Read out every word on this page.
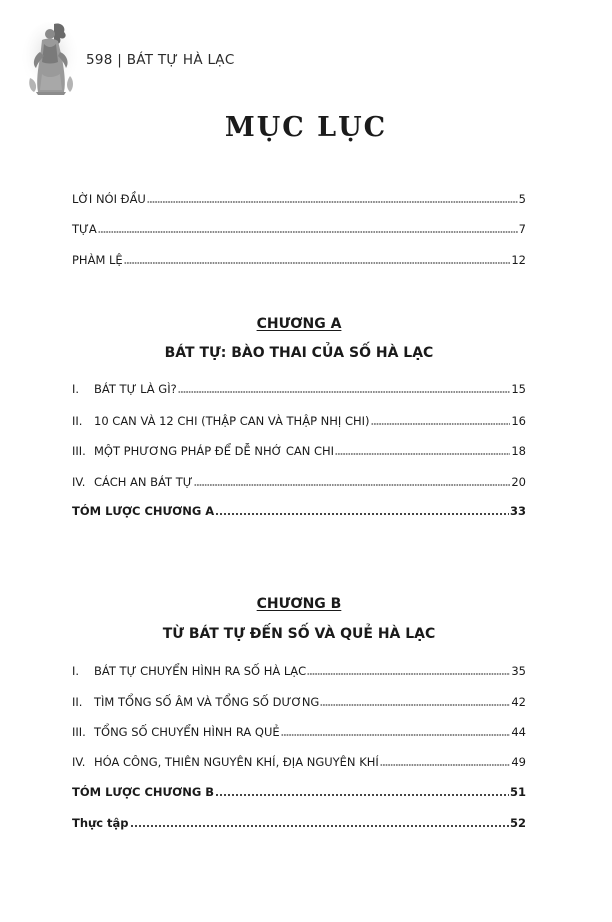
598 | BÁT TỰ HÀ LẠC
MỤC LỤC
LỜI NÓI ĐẦU	5
TỰA	7
PHÀM LỆ	12
CHƯƠNG A
BÁT TỰ: BÀO THAI CỦA SỐ HÀ LẠC
I.	BÁT TỰ LÀ GÌ?	15
II.	10 CAN VÀ 12 CHI (THẬP CAN VÀ THẬP NHỊ CHI)	16
III. MỘT PHƯƠNG PHÁP ĐỂ DỄ NHỚ CAN CHI	18
IV. CÁCH AN BÁT TỰ	20
TÓM LƯỢC CHƯƠNG A	33
CHƯƠNG B
TỪ BÁT TỰ ĐẾN SỐ VÀ QUẺ HÀ LẠC
I.	BÁT TỰ CHUYỂN HÌNH RA SỐ HÀ LẠC	35
II.	TÌM TỔNG SỐ ÂM VÀ TỔNG SỐ DƯƠNG	42
III. TỔNG SỐ CHUYỂN HÌNH RA QUẺ	44
IV. HÓA CÔNG, THIÊN NGUYÊN KHÍ, ĐỊA NGUYÊN KHÍ	49
TÓM LƯỢC CHƯƠNG B	51
Thực tập	52
